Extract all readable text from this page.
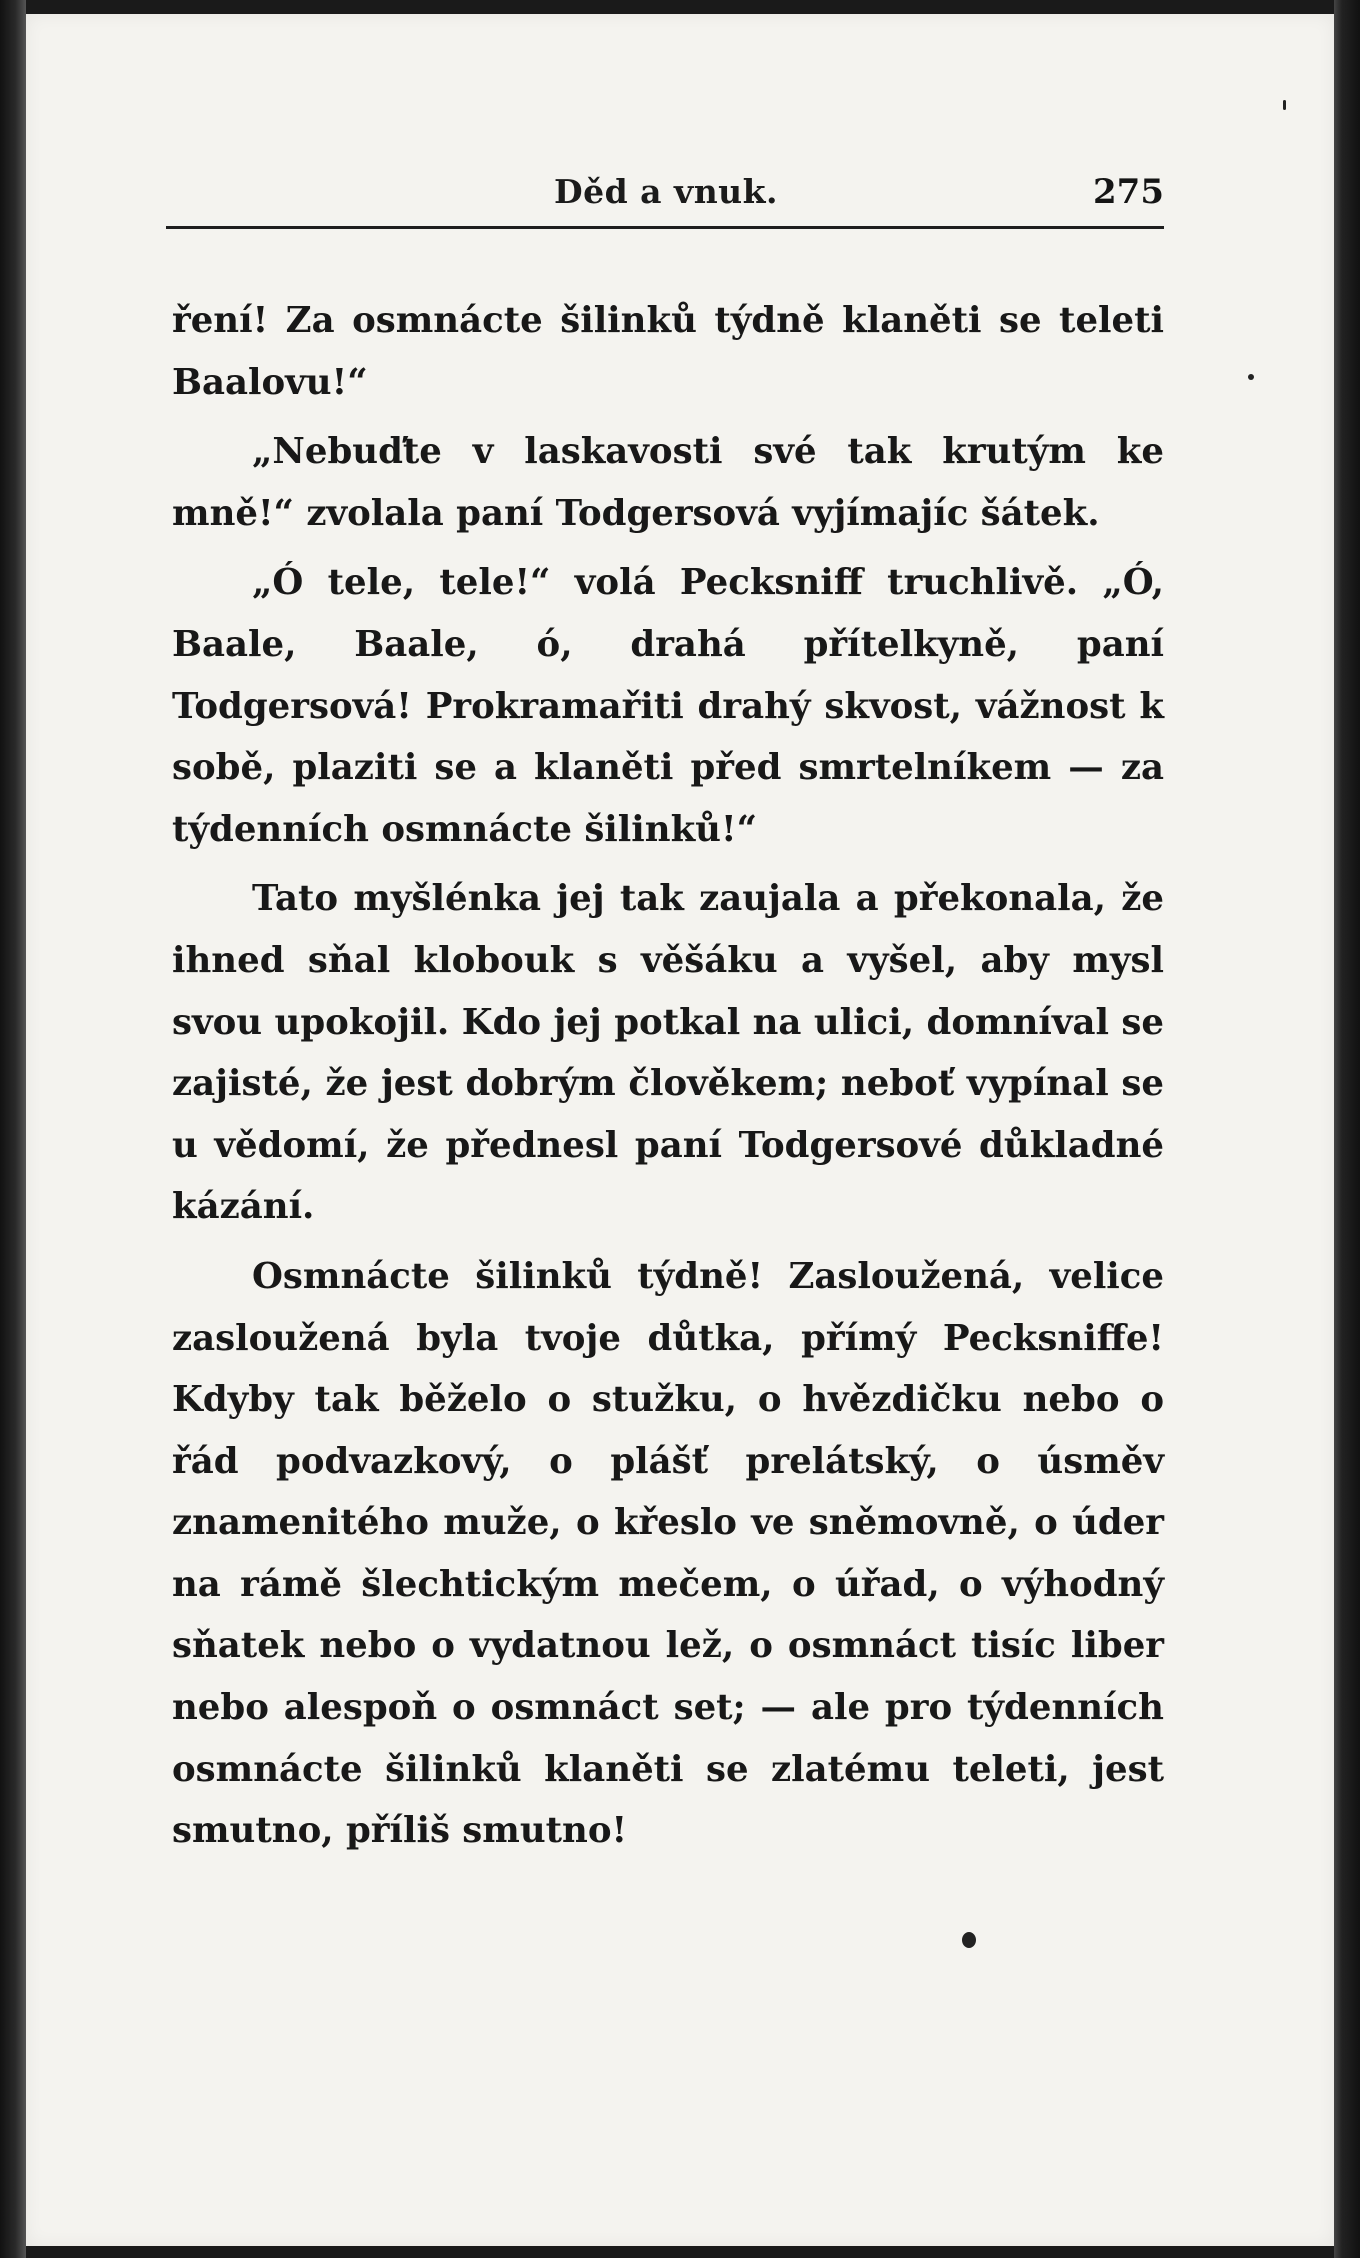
Děd a vnuk.	275

ření! Za osmnácte šilinků týdně klaněti se teleti Baalovu!“

„Nebuďte v laskavosti své tak krutým ke mně!“ zvolala paní Todgersová vyjímajíc šátek.

„Ó tele, tele!“ volá Pecksniff truchlivě. „Ó, Baale, Baale, ó, drahá přítelkyně, paní Todgersová! Prokramařiti drahý skvost, vážnost k sobě, plaziti se a klaněti před smrtelníkem — za týdenních osmnácte šilinků!“

Tato myšlénka jej tak zaujala a překonala, že ihned sňal klobouk s věšáku a vyšel, aby mysl svou upokojil. Kdo jej potkal na ulici, domníval se zajisté, že jest dobrým člověkem; neboť vypínal se u vědomí, že přednesl paní Todgersové důkladné kázání.

Osmnácte šilinků týdně! Zasloužená, velice zasloužená byla tvoje důtka, přímý Pecksniffe! Kdyby tak běželo o stužku, o hvězdičku nebo o řád podvazkový, o plášť prelátský, o úsměv znamenitého muže, o křeslo ve sněmovně, o úder na rámě šlechtickým mečem, o úřad, o výhodný sňatek nebo o vydatnou lež, o osmnáct tisíc liber nebo alespoň o osmnáct set; — ale pro týdenních osmnácte šilinků klaněti se zlatému teleti, jest smutno, příliš smutno!
